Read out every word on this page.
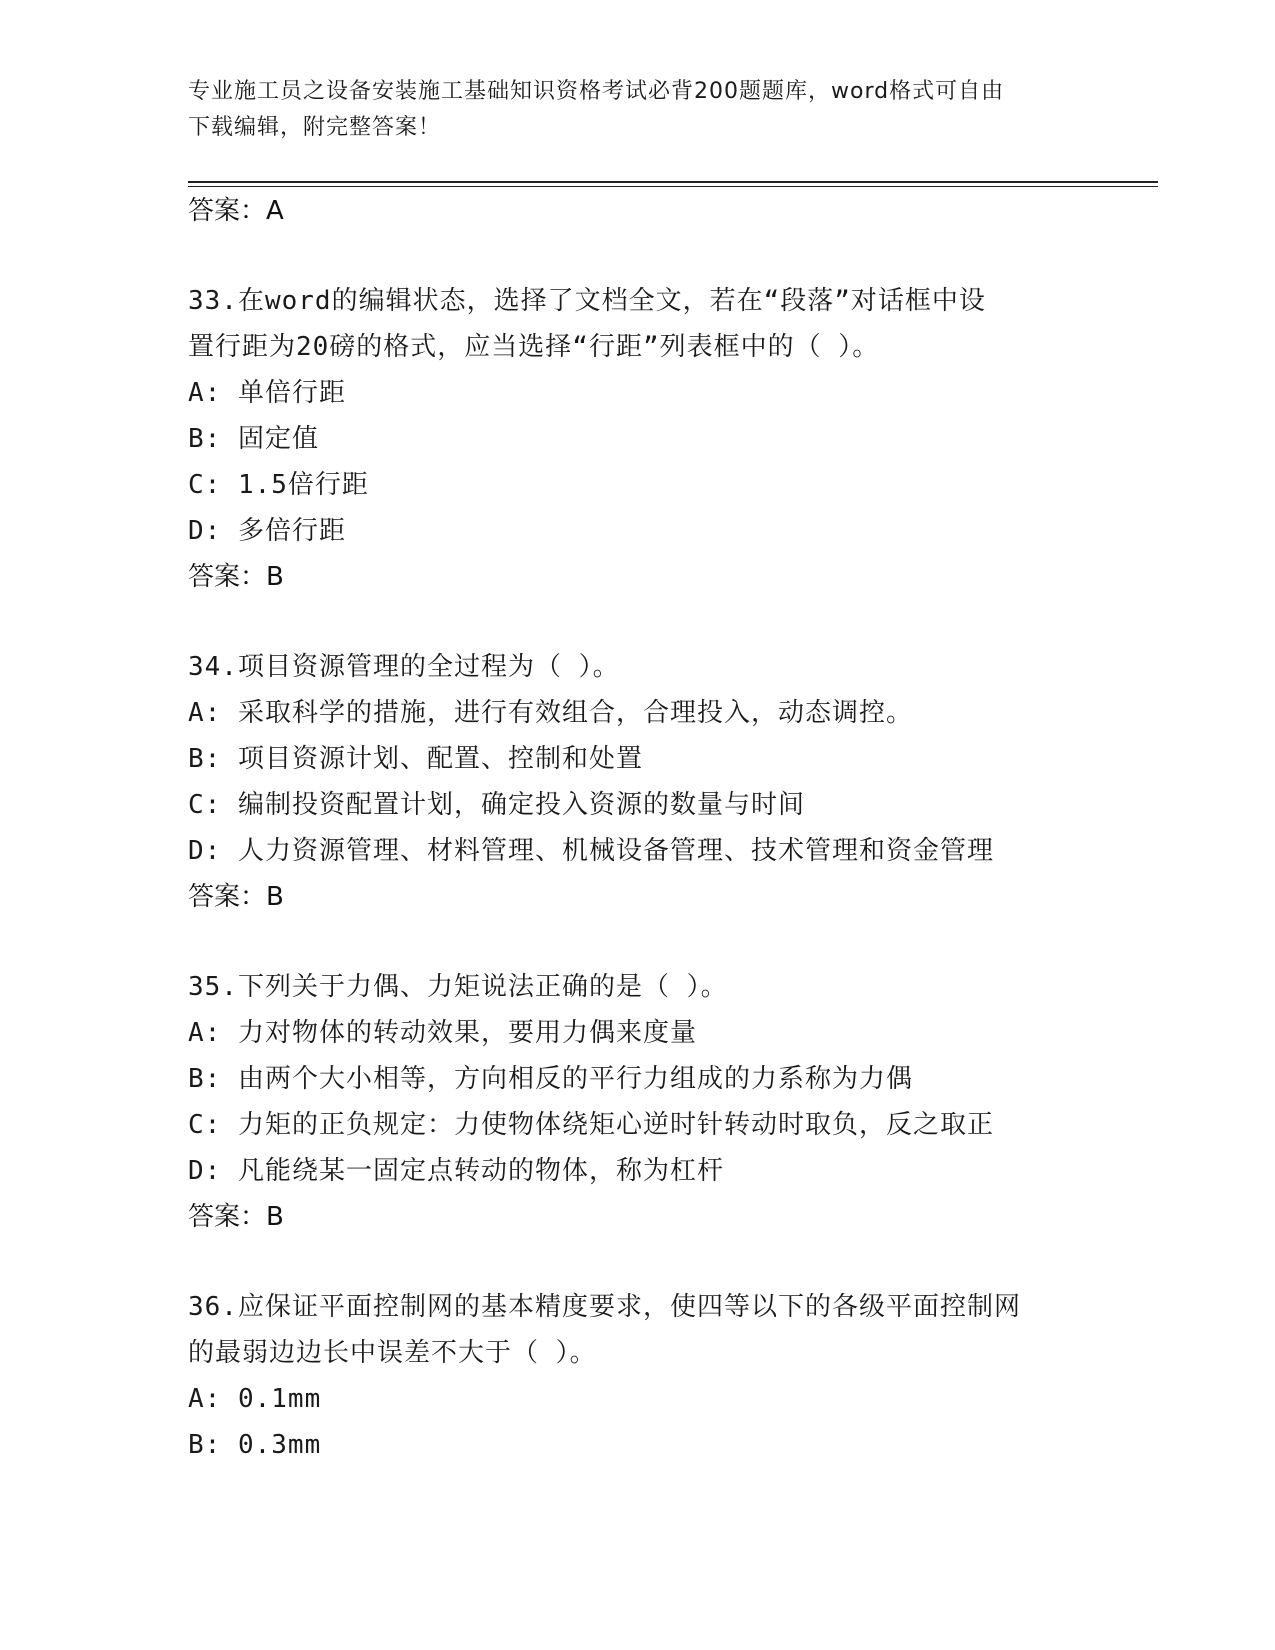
专业施工员之设备安装施工基础知识资格考试必背200题题库，word格式可自由
下载编辑，附完整答案！
答案：A
33.在word的编辑状态，选择了文档全文，若在“段落”对话框中设
置行距为20磅的格式，应当选择“行距”列表框中的（ ）。
A: 单倍行距
B: 固定值
C: 1.5倍行距
D: 多倍行距
答案：B
34.项目资源管理的全过程为（ ）。
A: 采取科学的措施，进行有效组合，合理投入，动态调控。
B: 项目资源计划、配置、控制和处置
C: 编制投资配置计划，确定投入资源的数量与时间
D: 人力资源管理、材料管理、机械设备管理、技术管理和资金管理
答案：B
35.下列关于力偶、力矩说法正确的是（ ）。
A: 力对物体的转动效果，要用力偶来度量
B: 由两个大小相等，方向相反的平行力组成的力系称为力偶
C: 力矩的正负规定：力使物体绕矩心逆时针转动时取负，反之取正
D: 凡能绕某一固定点转动的物体，称为杠杆
答案：B
36.应保证平面控制网的基本精度要求，使四等以下的各级平面控制网
的最弱边边长中误差不大于（ ）。
A: 0.1mm
B: 0.3mm
